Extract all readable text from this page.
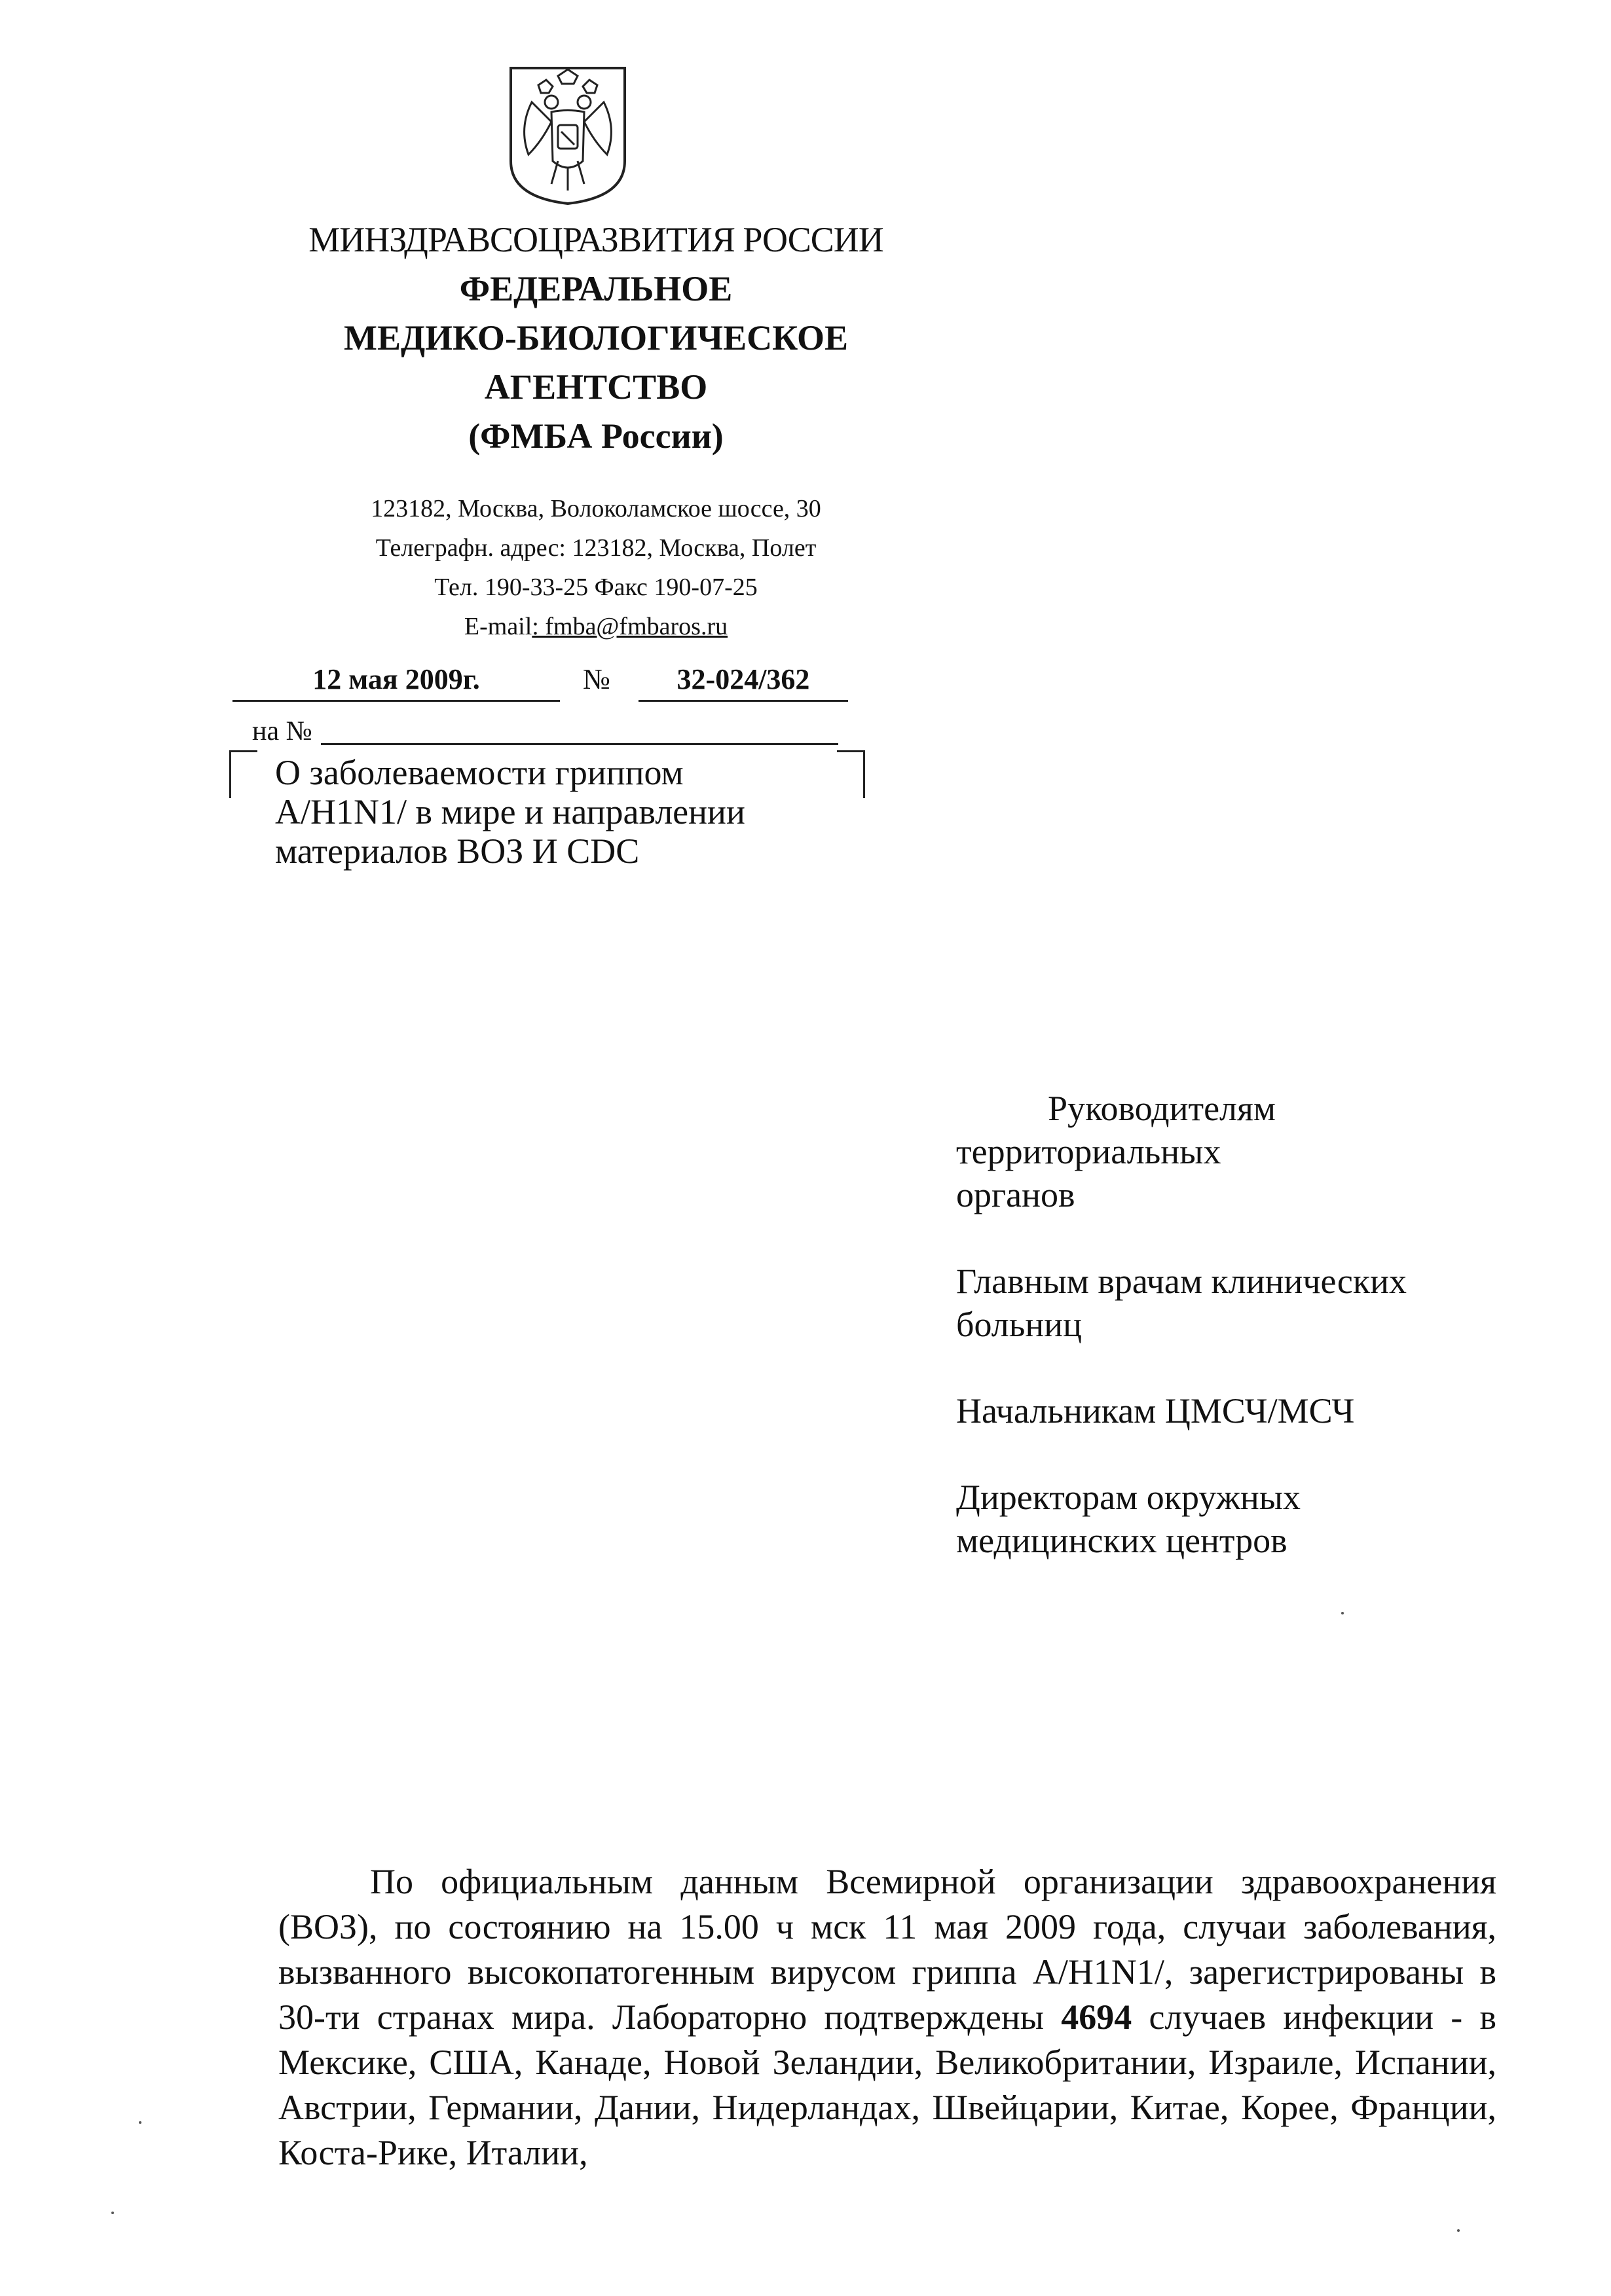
МИНЗДРАВСОЦРАЗВИТИЯ РОССИИ
ФЕДЕРАЛЬНОЕ
МЕДИКО-БИОЛОГИЧЕСКОЕ
АГЕНТСТВО
(ФМБА России)
123182, Москва, Волоколамское шоссе, 30
Телеграфн. адрес: 123182, Москва, Полет
Тел. 190-33-25 Факс 190-07-25
E-mail: fmba@fmbaros.ru
12 мая 2009г.	№	32-024/362
на №
О заболеваемости гриппом
A/H1N1/ в мире и направлении
материалов ВОЗ И CDC
Руководителям
территориальных
органов
Главным врачам клинических
больниц
Начальникам ЦМСЧ/МСЧ
Директорам окружных
медицинских центров
По официальным данным Всемирной организации здравоохранения (ВОЗ), по состоянию на 15.00 ч мск 11 мая 2009 года, случаи заболевания, вызванного высокопатогенным вирусом гриппа A/H1N1/, зарегистрированы в 30-ти странах мира. Лабораторно подтверждены 4694 случаев инфекции - в Мексике, США, Канаде, Новой Зеландии, Великобритании, Израиле, Испании, Австрии, Германии, Дании, Нидерландах, Швейцарии, Китае, Корее, Франции, Коста-Рике, Италии,
